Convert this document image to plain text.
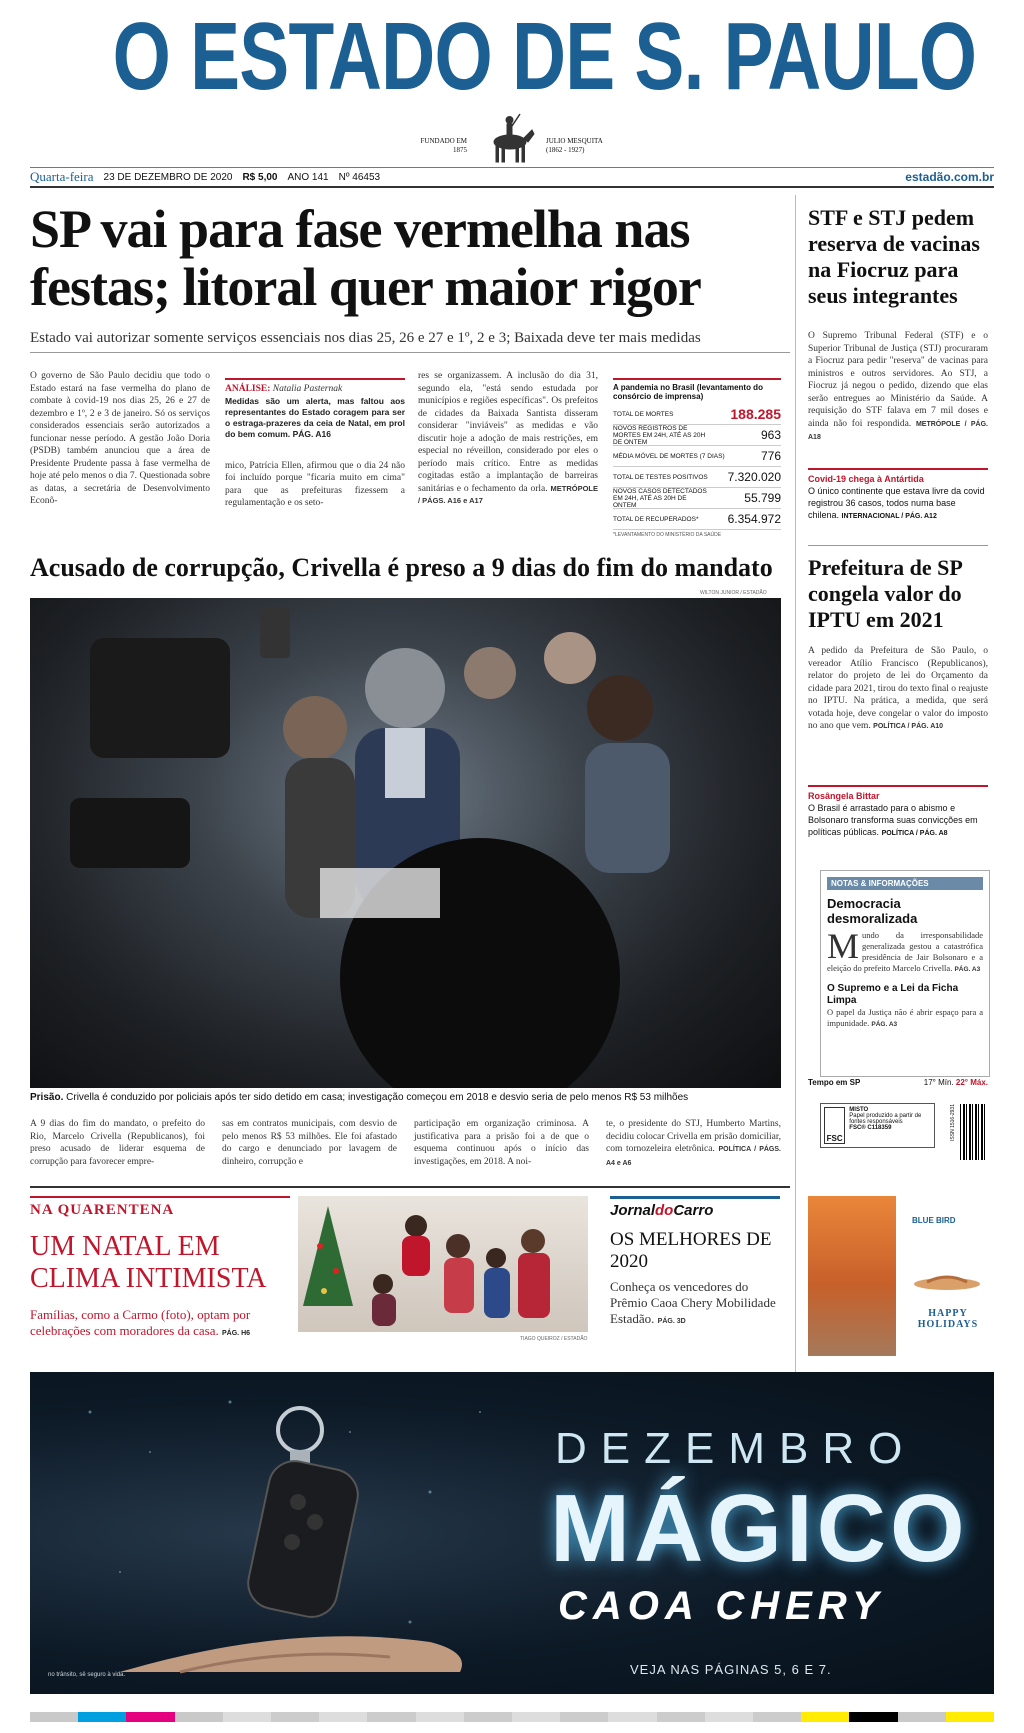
O ESTADO DE S. PAULO
FUNDADO EM
1875
JULIO MESQUITA
(1862 - 1927)
Quarta-feira 23 DE DEZEMBRO DE 2020 R$ 5,00 ANO 141 Nº 46453	estadão.com.br
SP vai para fase vermelha nas festas; litoral quer maior rigor
Estado vai autorizar somente serviços essenciais nos dias 25, 26 e 27 e 1º, 2 e 3; Baixada deve ter mais medidas
O governo de São Paulo decidiu que todo o Estado estará na fase vermelha do plano de combate à covid-19 nos dias 25, 26 e 27 de dezembro e 1º, 2 e 3 de janeiro. Só os serviços considerados essenciais serão autorizados a funcionar nesse período. A gestão João Doria (PSDB) também anunciou que a área de Presidente Prudente passa à fase vermelha de hoje até pelo menos o dia 7. Questionada sobre as datas, a secretária de Desenvolvimento Econô-
ANÁLISE: Natalia Pasternak
Medidas são um alerta, mas faltou aos representantes do Estado coragem para ser o estraga-prazeres da ceia de Natal, em prol do bem comum. PÁG. A16
mico, Patrícia Ellen, afirmou que o dia 24 não foi incluído porque "ficaria muito em cima" para que as prefeituras fizessem a regulamentação e os seto-
res se organizassem. A inclusão do dia 31, segundo ela, "está sendo estudada por municípios e regiões específicas". Os prefeitos de cidades da Baixada Santista disseram considerar "inviáveis" as medidas e vão discutir hoje a adoção de mais restrições, em especial no réveillon, considerado por eles o período mais crítico. Entre as medidas cogitadas estão a implantação de barreiras sanitárias e o fechamento da orla. METRÓPOLE / PÁGS. A16 e A17
A pandemia no Brasil (levantamento do consórcio de imprensa)
TOTAL DE MORTES	188.285
NOVOS REGISTROS DE MORTES EM 24H, ATÉ AS 20H DE ONTEM	963
MÉDIA MÓVEL DE MORTES (7 DIAS)	776
TOTAL DE TESTES POSITIVOS 7.320.020
NOVOS CASOS DETECTADOS EM 24H, ATÉ AS 20H DE ONTEM	55.799
TOTAL DE RECUPERADOS* 6.354.972
*LEVANTAMENTO DO MINISTÉRIO DA SAÚDE
STF e STJ pedem reserva de vacinas na Fiocruz para seus integrantes
O Supremo Tribunal Federal (STF) e o Superior Tribunal de Justiça (STJ) procuraram a Fiocruz para pedir "reserva" de vacinas para ministros e outros servidores. Ao STJ, a Fiocruz já negou o pedido, dizendo que elas serão entregues ao Ministério da Saúde. A requisição do STF falava em 7 mil doses e ainda não foi respondida. METRÓPOLE / PÁG. A18
Covid-19 chega à Antártida
O único continente que estava livre da covid registrou 36 casos, todos numa base chilena. INTERNACIONAL / PÁG. A12
Acusado de corrupção, Crivella é preso a 9 dias do fim do mandato
WILTON JUNIOR / ESTADÃO
Prisão. Crivella é conduzido por policiais após ter sido detido em casa; investigação começou em 2018 e desvio seria de pelo menos R$ 53 milhões
A 9 dias do fim do mandato, o prefeito do Rio, Marcelo Crivella (Republicanos), foi preso acusado de liderar esquema de corrupção para favorecer empre-
sas em contratos municipais, com desvio de pelo menos R$ 53 milhões. Ele foi afastado do cargo e denunciado por lavagem de dinheiro, corrupção e
participação em organização criminosa. A justificativa para a prisão foi a de que o esquema continuou após o início das investigações, em 2018. A noi-
te, o presidente do STJ, Humberto Martins, decidiu colocar Crivella em prisão domiciliar, com tornozeleira eletrônica. POLÍTICA / PÁGS. A4 e A6
Prefeitura de SP congela valor do IPTU em 2021
A pedido da Prefeitura de São Paulo, o vereador Atílio Francisco (Republicanos), relator do projeto de lei do Orçamento da cidade para 2021, tirou do texto final o reajuste no IPTU. Na prática, a medida, que será votada hoje, deve congelar o valor do imposto no ano que vem. POLÍTICA / PÁG. A10
Rosângela Bittar
O Brasil é arrastado para o abismo e Bolsonaro transforma suas convicções em políticas públicas. POLÍTICA / PÁG. A8
NOTAS & INFORMAÇÕES
Democracia desmoralizada
M undo da irresponsabilidade generalizada gestou a catastrófica presidência de Jair Bolsonaro e a eleição do prefeito Marcelo Crivella. PÁG. A3
O Supremo e a Lei da Ficha Limpa
O papel da Justiça não é abrir espaço para a impunidade. PÁG. A3
Tempo em SP	17° Mín. 22° Máx.
FSC
MISTO
Papel produzido a partir de fontes responsáveis
FSC® C118359	ISSN 1516-2931
NA QUARENTENA
UM NATAL EM CLIMA INTIMISTA
Famílias, como a Carmo (foto), optam por celebrações com moradores da casa. PÁG. H6
TIAGO QUEIROZ / ESTADÃO
JornaldoCarro
OS MELHORES DE 2020
Conheça os vencedores do Prêmio Caoa Chery Mobilidade Estadão. PÁG. 3D
BLUE BIRD
HAPPY HOLIDAYS
DEZEMBRO
MÁGICO
CAOA CHERY
VEJA NAS PÁGINAS 5, 6 E 7.
no trânsito, sê seguro à vida.
